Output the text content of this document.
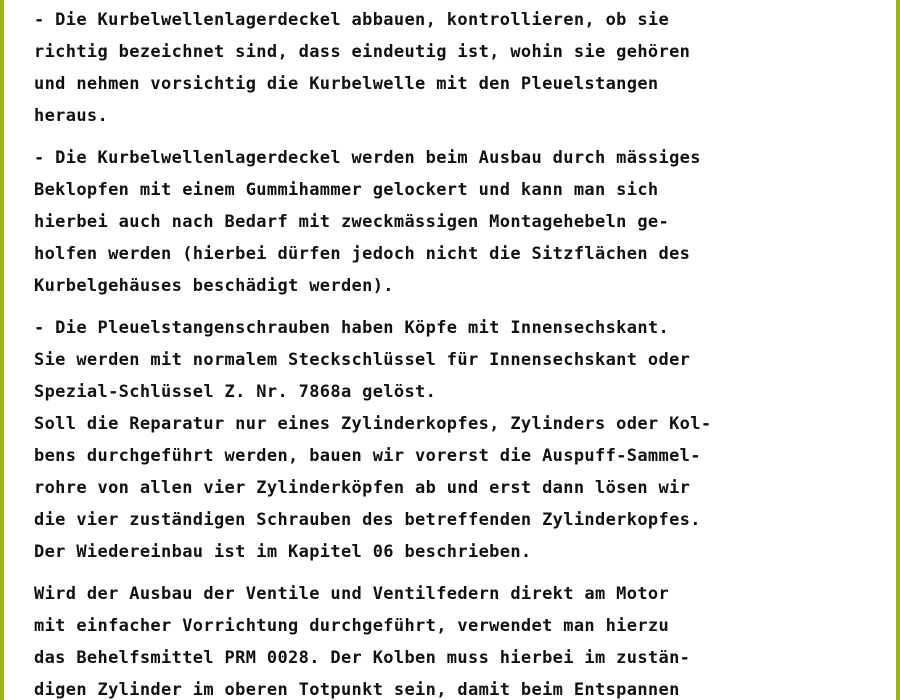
- Die Kurbelwellenlagerdeckel abbauen, kontrollieren, ob sie
richtig bezeichnet sind, dass eindeutig ist, wohin sie gehören
und nehmen vorsichtig die Kurbelwelle mit den Pleuelstangen
heraus.
- Die Kurbelwellenlagerdeckel werden beim Ausbau durch mässiges
Beklopfen mit einem Gummihammer gelockert und kann man sich
hierbei auch nach Bedarf mit zweckmässigen Montagehebeln ge-
holfen werden (hierbei dürfen jedoch nicht die Sitzflächen des
Kurbelgehäuses beschädigt werden).
- Die Pleuelstangenschrauben haben Köpfe mit Innensechskant.
Sie werden mit normalem Steckschlüssel für Innensechskant oder
Spezial-Schlüssel Z. Nr. 7868a gelöst.
Soll die Reparatur nur eines Zylinderkopfes, Zylinders oder Kol-
bens durchgeführt werden, bauen wir vorerst die Auspuff-Sammel-
rohre von allen vier Zylinderköpfen ab und erst dann lösen wir
die vier zuständigen Schrauben des betreffenden Zylinderkopfes.
Der Wiedereinbau ist im Kapitel 06 beschrieben.
Wird der Ausbau der Ventile und Ventilfedern direkt am Motor
mit einfacher Vorrichtung durchgeführt, verwendet man hierzu
das Behelfsmittel PRM 0028. Der Kolben muss hierbei im zustän-
digen Zylinder im oberen Totpunkt sein, damit beim Entspannen
